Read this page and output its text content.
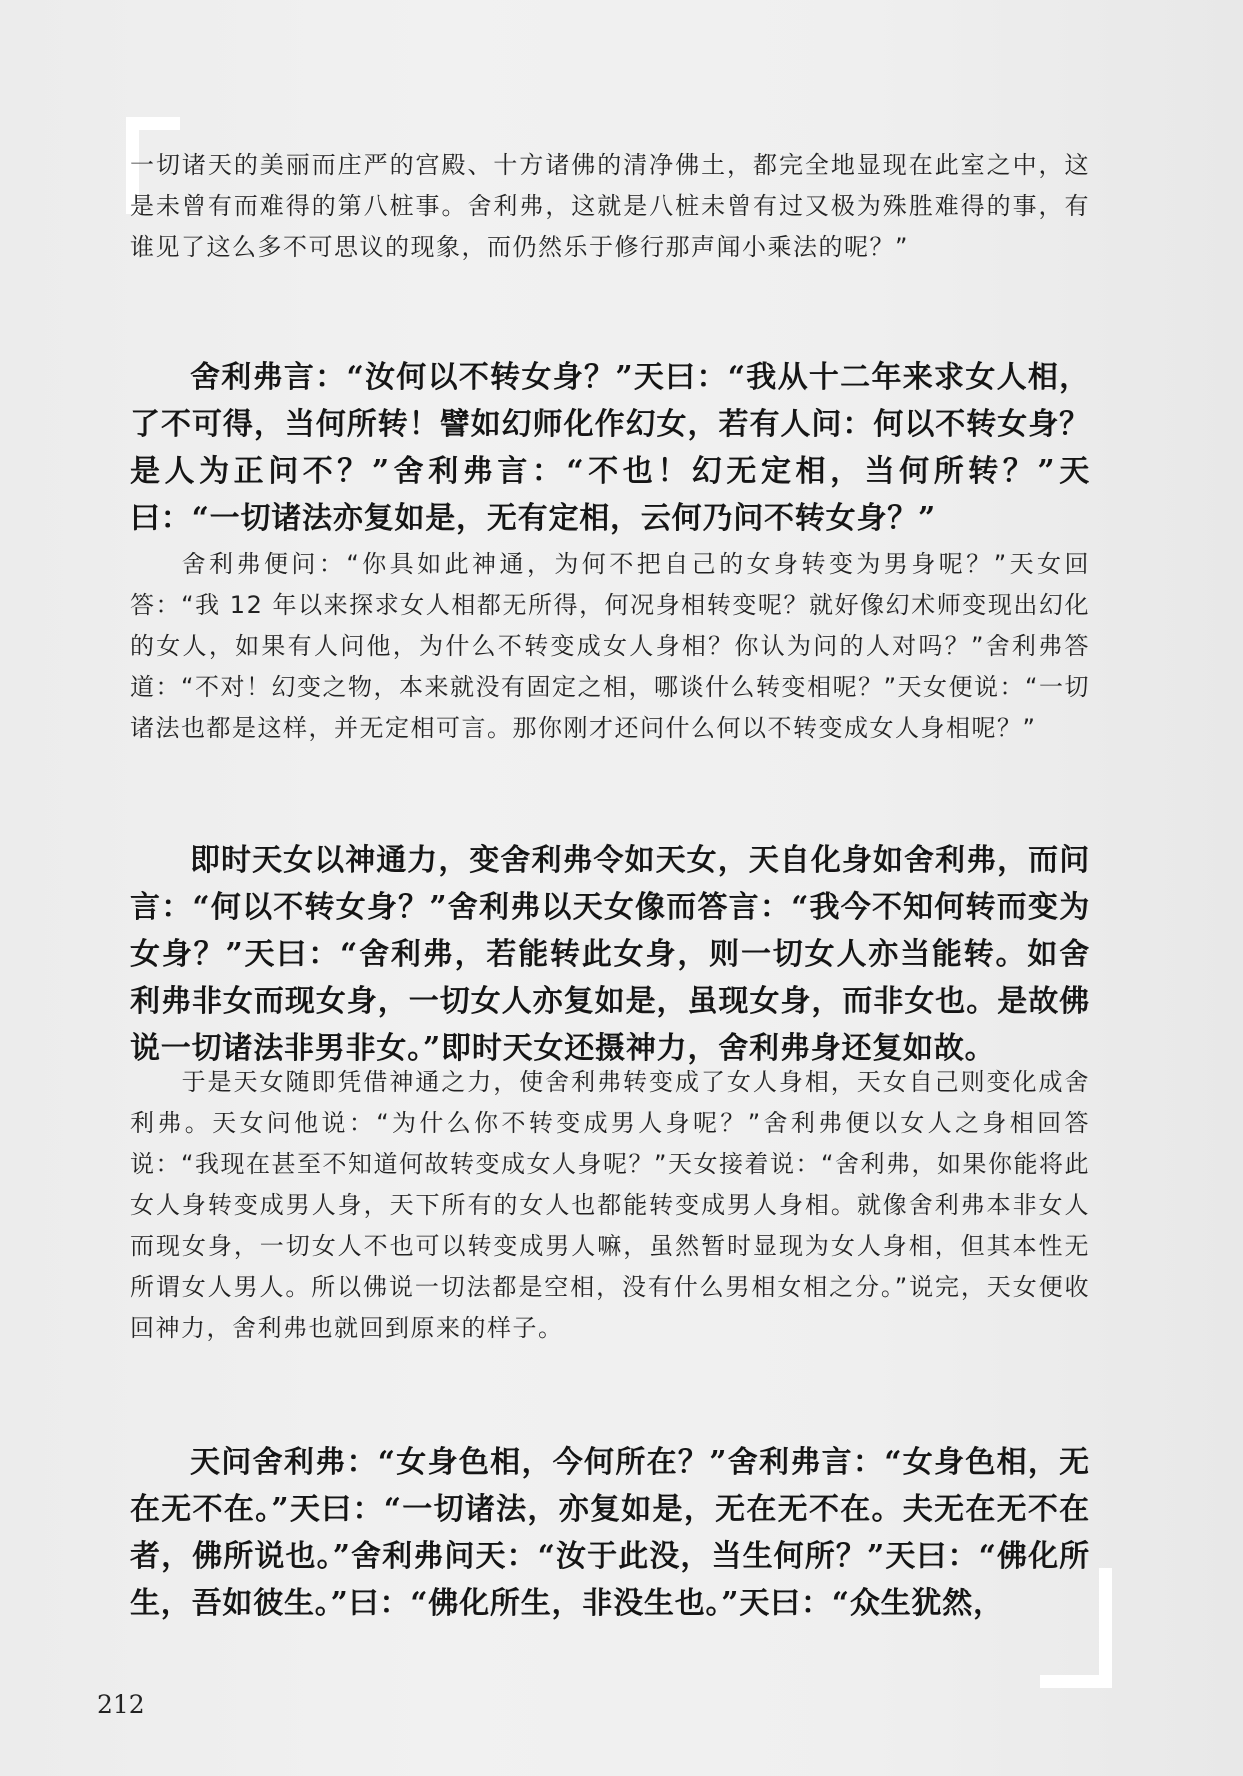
一切诸天的美丽而庄严的宫殿、十方诸佛的清净佛土，都完全地显现在此室之中，这是未曾有而难得的第八桩事。舍利弗，这就是八桩未曾有过又极为殊胜难得的事，有谁见了这么多不可思议的现象，而仍然乐于修行那声闻小乘法的呢？”

舍利弗言：“汝何以不转女身？”天曰：“我从十二年来求女人相，了不可得，当何所转！譬如幻师化作幻女，若有人问：何以不转女身？是人为正问不？”舍利弗言：“不也！幻无定相，当何所转？”天曰：“一切诸法亦复如是，无有定相，云何乃问不转女身？”

舍利弗便问：“你具如此神通，为何不把自己的女身转变为男身呢？”天女回答：“我 12 年以来探求女人相都无所得，何况身相转变呢？就好像幻术师变现出幻化的女人，如果有人问他，为什么不转变成女人身相？你认为问的人对吗？”舍利弗答道：“不对！幻变之物，本来就没有固定之相，哪谈什么转变相呢？”天女便说：“一切诸法也都是这样，并无定相可言。那你刚才还问什么何以不转变成女人身相呢？”

即时天女以神通力，变舍利弗令如天女，天自化身如舍利弗，而问言：“何以不转女身？”舍利弗以天女像而答言：“我今不知何转而变为女身？”天曰：“舍利弗，若能转此女身，则一切女人亦当能转。如舍利弗非女而现女身，一切女人亦复如是，虽现女身，而非女也。是故佛说一切诸法非男非女。”即时天女还摄神力，舍利弗身还复如故。

于是天女随即凭借神通之力，使舍利弗转变成了女人身相，天女自己则变化成舍利弗。天女问他说：“为什么你不转变成男人身呢？”舍利弗便以女人之身相回答说：“我现在甚至不知道何故转变成女人身呢？”天女接着说：“舍利弗，如果你能将此女人身转变成男人身，天下所有的女人也都能转变成男人身相。就像舍利弗本非女人而现女身，一切女人不也可以转变成男人嘛，虽然暂时显现为女人身相，但其本性无所谓女人男人。所以佛说一切法都是空相，没有什么男相女相之分。”说完，天女便收回神力，舍利弗也就回到原来的样子。

天问舍利弗：“女身色相，今何所在？”舍利弗言：“女身色相，无在无不在。”天曰：“一切诸法，亦复如是，无在无不在。夫无在无不在者，佛所说也。”舍利弗问天：“汝于此没，当生何所？”天曰：“佛化所生，吾如彼生。”曰：“佛化所生，非没生也。”天曰：“众生犹然，

212
